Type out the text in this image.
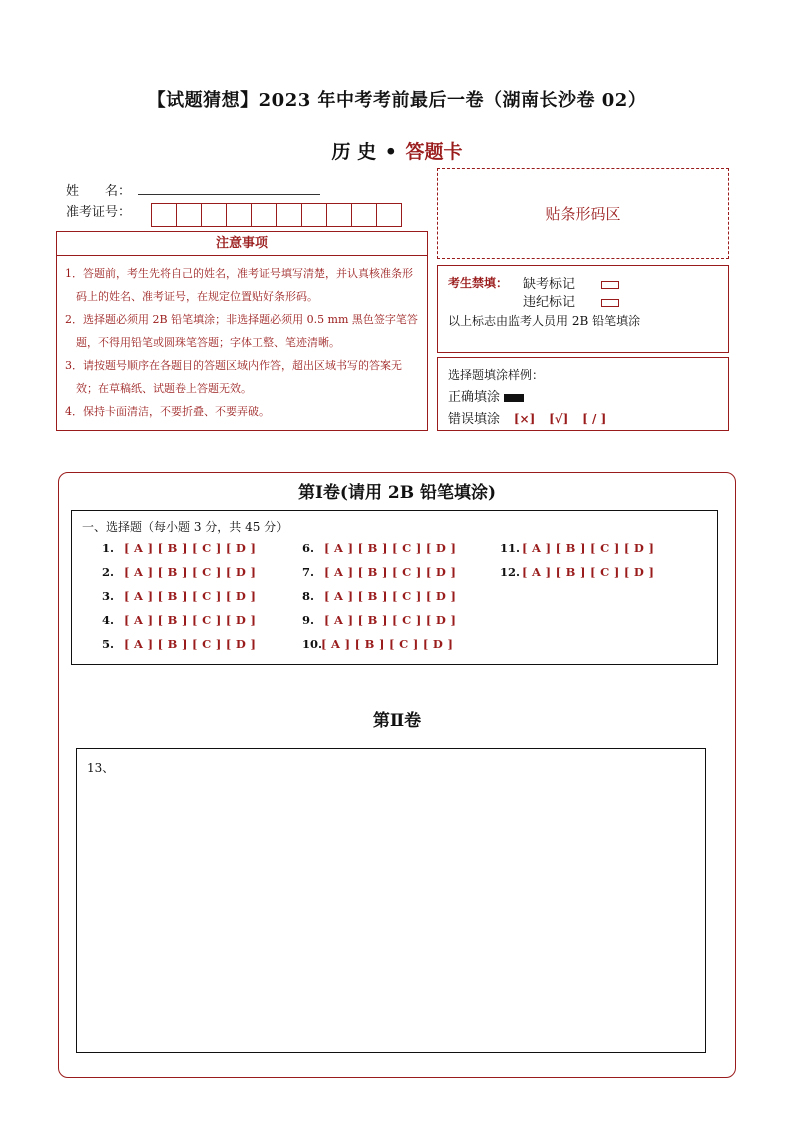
【试题猜想】2023 年中考考前最后一卷（湖南长沙卷 02）
历 史 • 答题卡
姓　　名：
准考证号：	贴条形码区
注意事项
1．答题前，考生先将自己的姓名，准考证号填写清楚，并认真核准条形码上的姓名、准考证号，在规定位置贴好条形码。
2．选择题必须用 2B 铅笔填涂；非选择题必须用 0.5 mm 黑色签字笔答题，不得用铅笔或圆珠笔答题；字体工整、笔迹清晰。
3．请按题号顺序在各题目的答题区域内作答，超出区域书写的答案无效；在草稿纸、试题卷上答题无效。
4．保持卡面清洁，不要折叠、不要弄破。
考生禁填： 缺考标记
违纪标记
以上标志由监考人员用 2B 铅笔填涂
选择题填涂样例：
正确填涂
错误填涂 [×] [√] [ / ]
第Ⅰ卷(请用 2B 铅笔填涂)
一、选择题（每小题 3 分，共 45 分）
1. [ A ] [ B ] [ C ] [ D ]
2. [ A ] [ B ] [ C ] [ D ]
3. [ A ] [ B ] [ C ] [ D ]
4. [ A ] [ B ] [ C ] [ D ]
5. [ A ] [ B ] [ C ] [ D ]
6. [ A ] [ B ] [ C ] [ D ]
7. [ A ] [ B ] [ C ] [ D ]
8. [ A ] [ B ] [ C ] [ D ]
9. [ A ] [ B ] [ C ] [ D ]
10.[ A ] [ B ] [ C ] [ D ]
11. [ A ] [ B ] [ C ] [ D ]
12. [ A ] [ B ] [ C ] [ D ]
第Ⅱ卷
13、
